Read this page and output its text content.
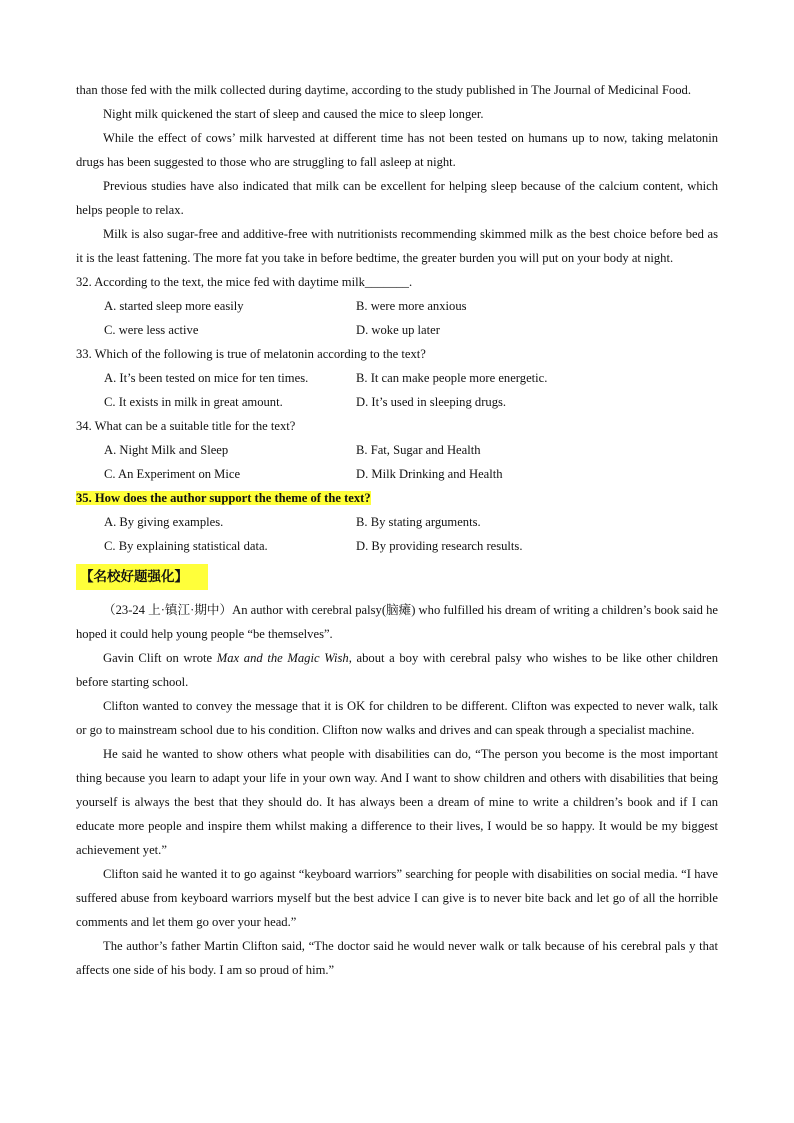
than those fed with the milk collected during daytime, according to the study published in The Journal of Medicinal Food.

Night milk quickened the start of sleep and caused the mice to sleep longer.

While the effect of cows’ milk harvested at different time has not been tested on humans up to now, taking melatonin drugs has been suggested to those who are struggling to fall asleep at night.

Previous studies have also indicated that milk can be excellent for helping sleep because of the calcium content, which helps people to relax.

Milk is also sugar-free and additive-free with nutritionists recommending skimmed milk as the best choice before bed as it is the least fattening. The more fat you take in before bedtime, the greater burden you will put on your body at night.

32. According to the text, the mice fed with daytime milk_______.
A. started sleep more easily	B. were more anxious
C. were less active	D. woke up later
33. Which of the following is true of melatonin according to the text?
A. It’s been tested on mice for ten times.	B. It can make people more energetic.
C. It exists in milk in great amount.	D. It’s used in sleeping drugs.
34. What can be a suitable title for the text?
A. Night Milk and Sleep	B. Fat, Sugar and Health
C. An Experiment on Mice	D. Milk Drinking and Health
35. How does the author support the theme of the text?
A. By giving examples.	B. By stating arguments.
C. By explaining statistical data.	D. By providing research results.
【名校好题强化】

（23-24 上·镇江·期中）An author with cerebral palsy(脑瘫) who fulfilled his dream of writing a children’s book said he hoped it could help young people “be themselves”.

Gavin Clift on wrote Max and the Magic Wish, about a boy with cerebral palsy who wishes to be like other children before starting school.

Clifton wanted to convey the message that it is OK for children to be different. Clifton was expected to never walk, talk or go to mainstream school due to his condition. Clifton now walks and drives and can speak through a specialist machine.

He said he wanted to show others what people with disabilities can do, “The person you become is the most important thing because you learn to adapt your life in your own way. And I want to show children and others with disabilities that being yourself is always the best that they should do. It has always been a dream of mine to write a children’s book and if I can educate more people and inspire them whilst making a difference to their lives, I would be so happy. It would be my biggest achievement yet.”

Clifton said he wanted it to go against “keyboard warriors” searching for people with disabilities on social media. “I have suffered abuse from keyboard warriors myself but the best advice I can give is to never bite back and let go of all the horrible comments and let them go over your head.”

The author’s father Martin Clifton said, “The doctor said he would never walk or talk because of his cerebral pals y that affects one side of his body. I am so proud of him.”
